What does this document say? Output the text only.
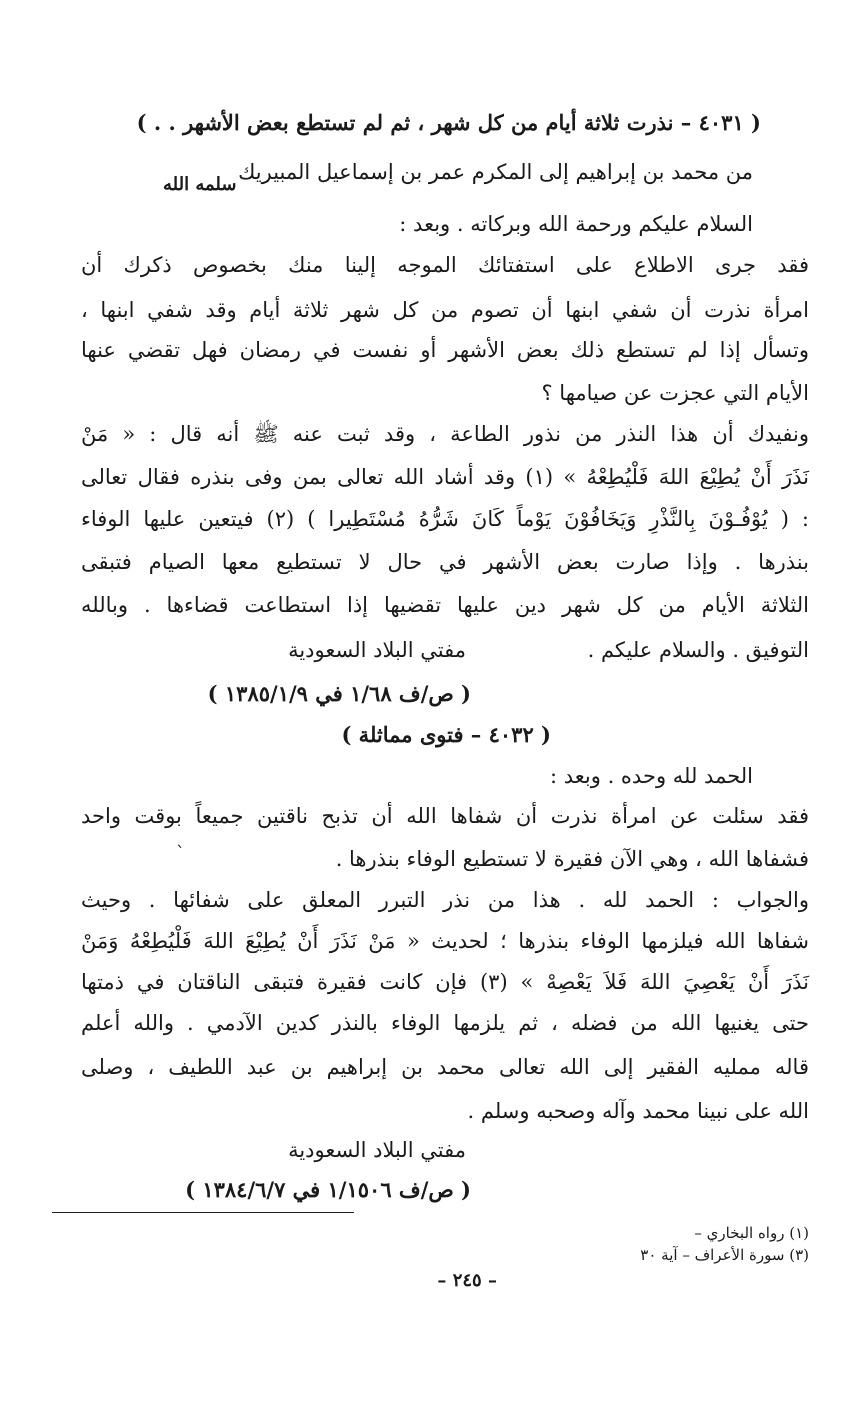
( ٤٠٣١ – نذرت ثلاثة أيام من كل شهر ، ثم لم تستطع بعض الأشهر . . )
من محمد بن إبراهيم إلى المكرم عمر بن إسماعيل المبيريك
سلمه الله
السلام عليكم ورحمة الله وبركاته . وبعد :
فقد جرى الاطلاع على استفتائك الموجه إلينا منك بخصوص ذكرك أن
امرأة نذرت أن شفي ابنها أن تصوم من كل شهر ثلاثة أيام وقد شفي ابنها ،
وتسأل إذا لم تستطع ذلك بعض الأشهر أو نفست في رمضان فهل تقضي عنها
الأيام التي عجزت عن صيامها ؟
ونفيدك أن هذا النذر من نذور الطاعة ، وقد ثبت عنه ﷺ أنه قال : « مَنْ
نَذَرَ أَنْ يُطِيْعَ اللهَ فَلْيُطِعْهُ » (١) وقد أشاد الله تعالى بمن وفى بنذره فقال تعالى
: ( يُوْفُـوْنَ بِالنَّذْرِ وَيَخَافُوْنَ يَوْماً كَانَ شَرُّهُ مُسْتَطِيرا ) (٢) فيتعين عليها الوفاء
بنذرها . وإذا صارت بعض الأشهر في حال لا تستطيع معها الصيام فتبقى
الثلاثة الأيام من كل شهر دين عليها تقضيها إذا استطاعت قضاءها . وبالله
التوفيق . والسلام عليكم .
مفتي البلاد السعودية
( ص/ف ١/٦٨ في ١٣٨٥/١/٩ )
( ٤٠٣٢ – فتوى مماثلة )
الحمد لله وحده . وبعد :
فقد سئلت عن امرأة نذرت أن شفاها الله أن تذبح ناقتين جميعاً بوقت واحد
ˋ	فشفاها الله ، وهي الآن فقيرة لا تستطيع الوفاء بنذرها .
والجواب : الحمد لله . هذا من نذر التبرر المعلق على شفائها . وحيث
شفاها الله فيلزمها الوفاء بنذرها ؛ لحديث « مَنْ نَذَرَ أَنْ يُطِيْعَ اللهَ فَلْيُطِعْهُ وَمَنْ
نَذَرَ أَنْ يَعْصِيَ اللهَ فَلاَ يَعْصِهْ » (٣) فإن كانت فقيرة فتبقى الناقتان في ذمتها
حتى يغنيها الله من فضله ، ثم يلزمها الوفاء بالنذر كدين الآدمي . والله أعلم
قاله مملیه الفقير إلى الله تعالى محمد بن إبراهيم بن عبد اللطيف ، وصلى
الله على نبينا محمد وآله وصحبه وسلم .
مفتي البلاد السعودية
( ص/ف ١/١٥٠٦ في ١٣٨٤/٦/٧ )
(١) رواه البخاري –
(٣) سورة الأعراف – آية ٣٠
– ٢٤٥ –
